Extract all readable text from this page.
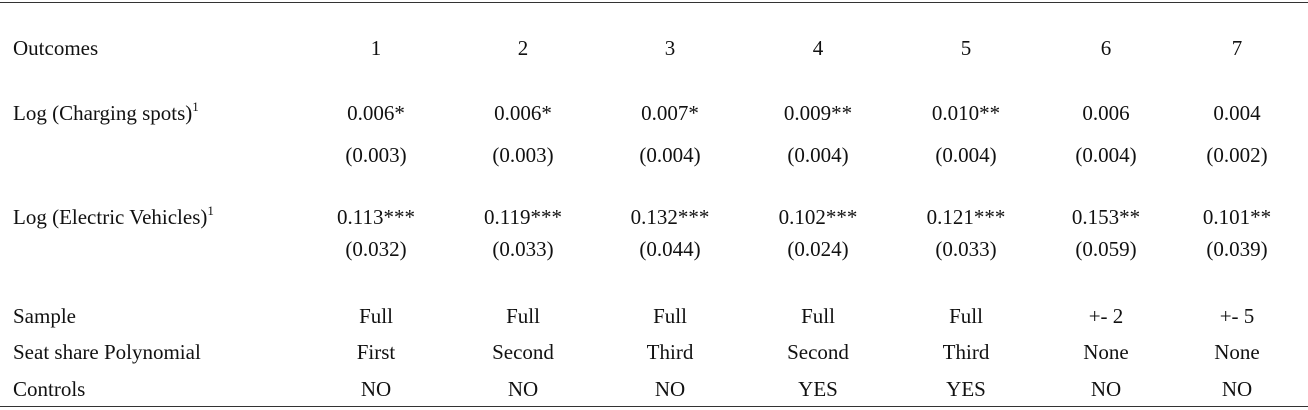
Outcomes	1	2	3	4	5	6	7
Log (Charging spots)$^1$	0.006*	0.006*	0.007*	0.009**	0.010**	0.006	0.004
(0.003)	(0.003)	(0.004)	(0.004)	(0.004)	(0.004)	(0.002)
Log (Electric Vehicles)$^1$	0.113***	0.119***	0.132***	0.102***	0.121***	0.153**	0.101**
(0.032)	(0.033)	(0.044)	(0.024)	(0.033)	(0.059)	(0.039)
Sample	Full	Full	Full	Full	Full	+- 2	+- 5
Seat share Polynomial	First	Second	Third	Second	Third	None	None
Controls	NO	NO	NO	YES	YES	NO	NO
